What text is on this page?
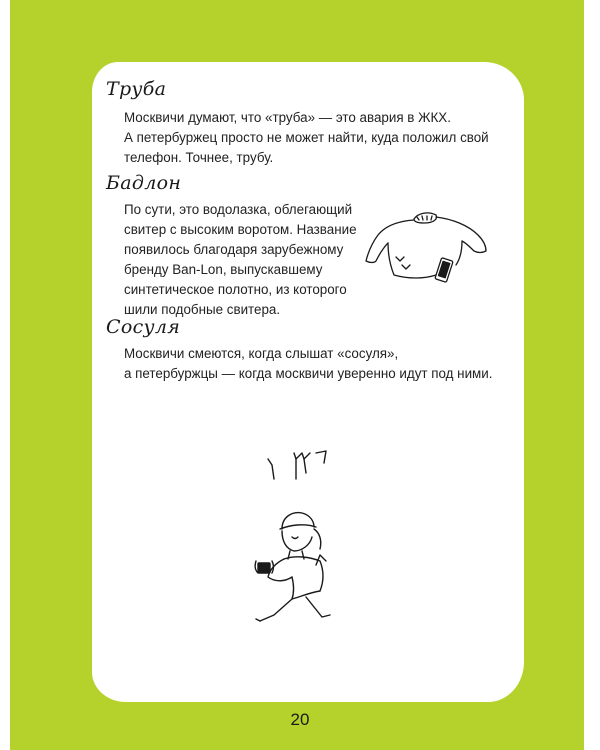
Труба

Москвичи думают, что «труба» — это авария в ЖКХ.

А петербуржец просто не может найти, куда положил свой

телефон. Точнее, трубу.

Бадлон

По сути, это водолазка, облегающий

свитер с высоким воротом. Название

появилось благодаря зарубежному

бренду Ban-Lon, выпускавшему

синтетическое полотно, из которого

шили подобные свитера.

Сосуля

Москвичи смеются, когда слышат «сосуля»,

а петербуржцы — когда москвичи уверенно идут под ними.

20
